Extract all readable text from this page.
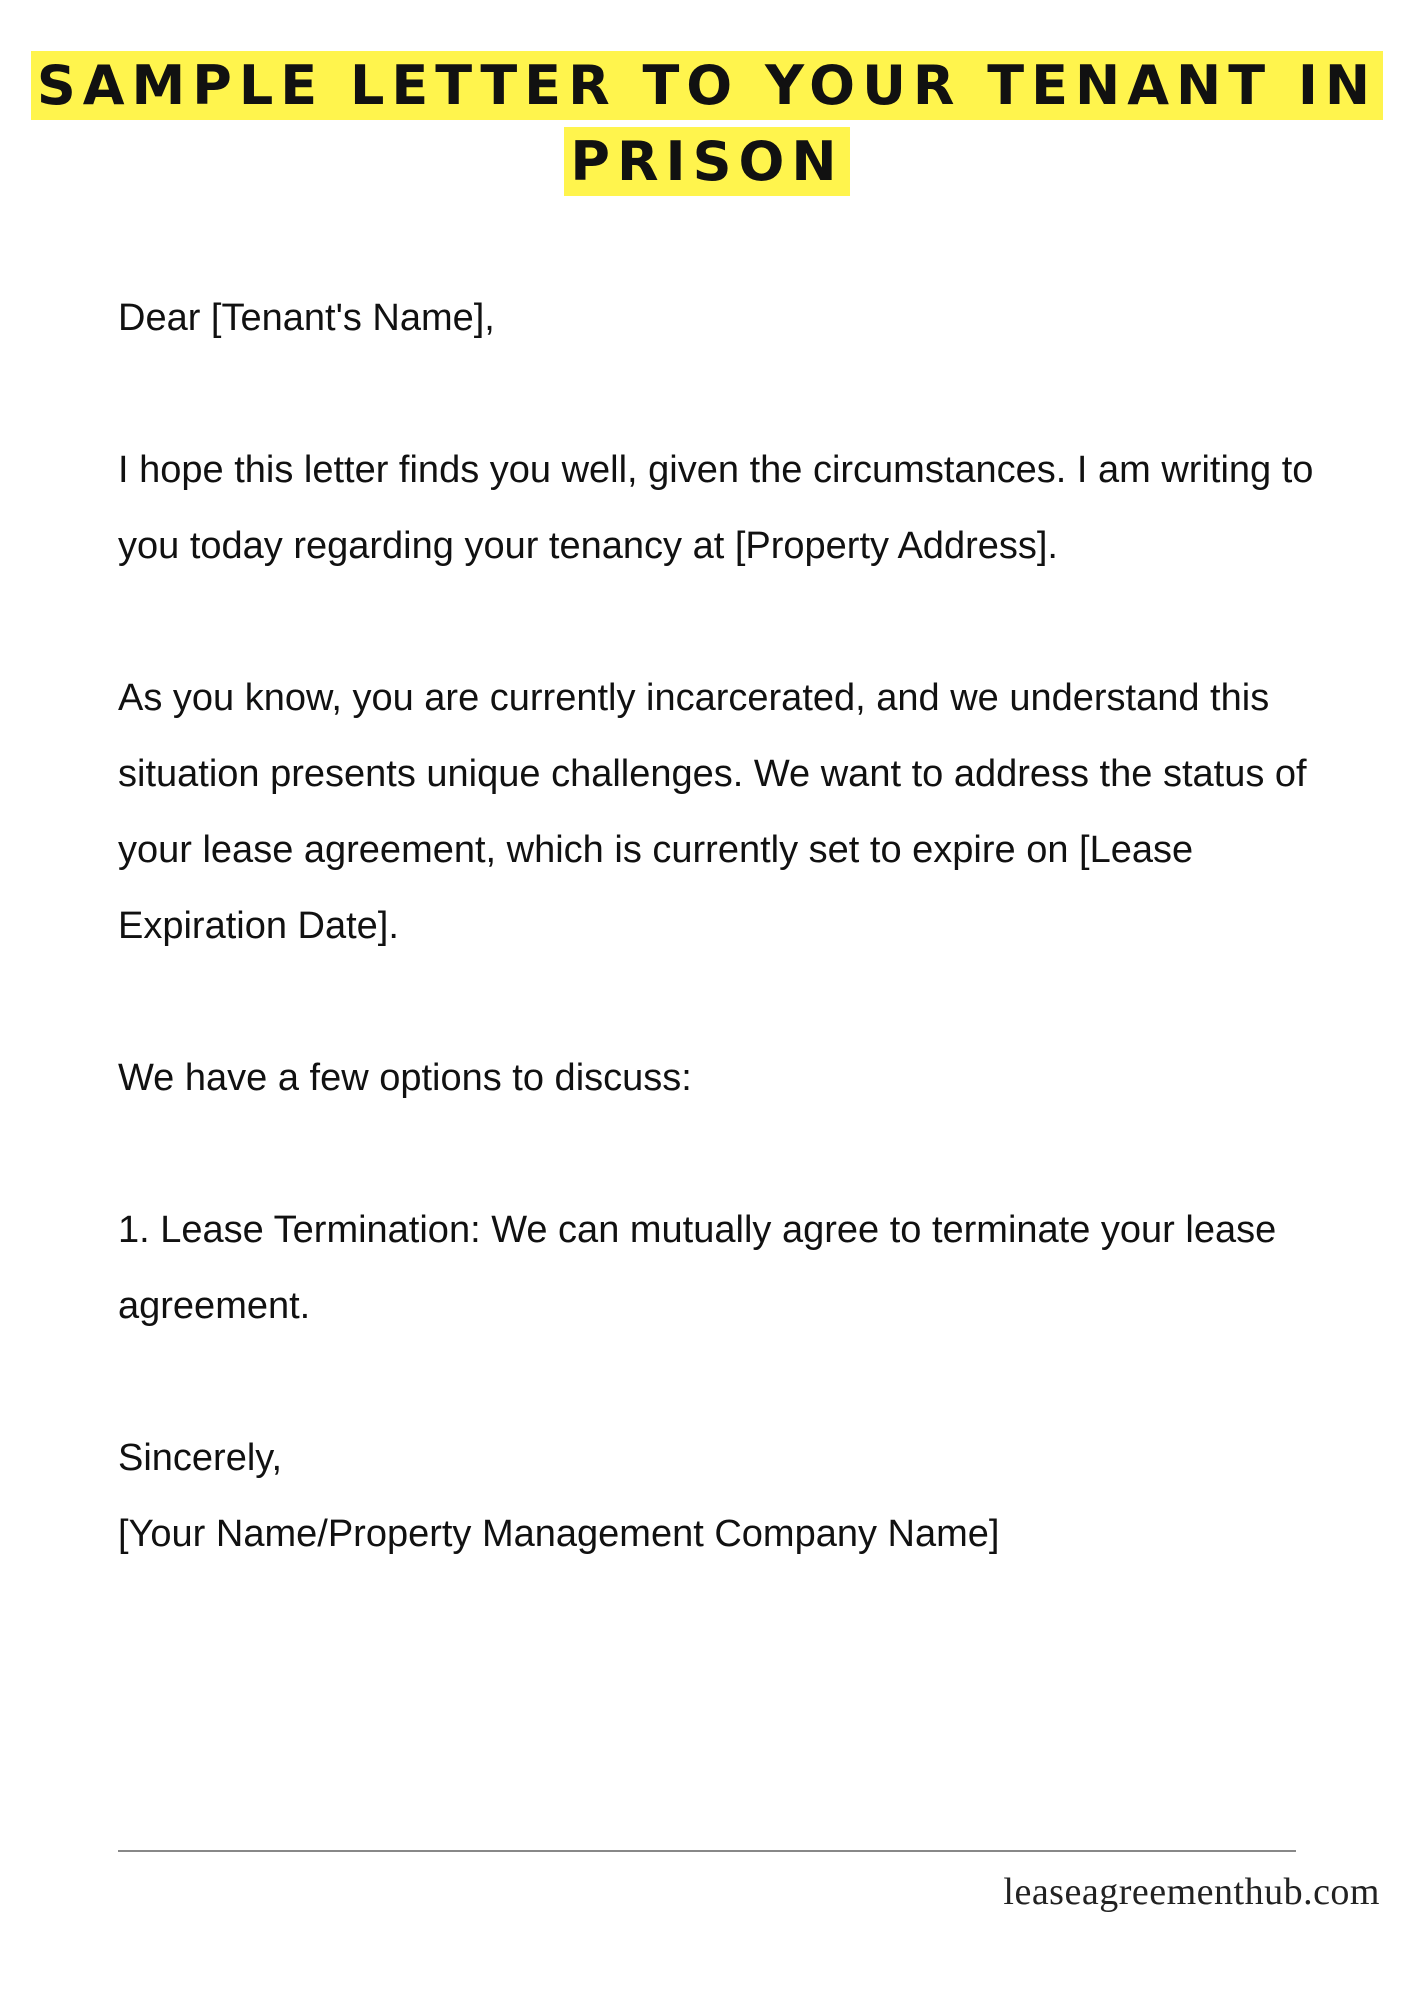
SAMPLE LETTER TO YOUR TENANT IN PRISON

Dear [Tenant's Name],

I hope this letter finds you well, given the circumstances. I am writing to you today regarding your tenancy at [Property Address].

As you know, you are currently incarcerated, and we understand this situation presents unique challenges. We want to address the status of your lease agreement, which is currently set to expire on [Lease Expiration Date].

We have a few options to discuss:

1. Lease Termination: We can mutually agree to terminate your lease agreement.

Sincerely,
[Your Name/Property Management Company Name]

leaseagreementhub.com
